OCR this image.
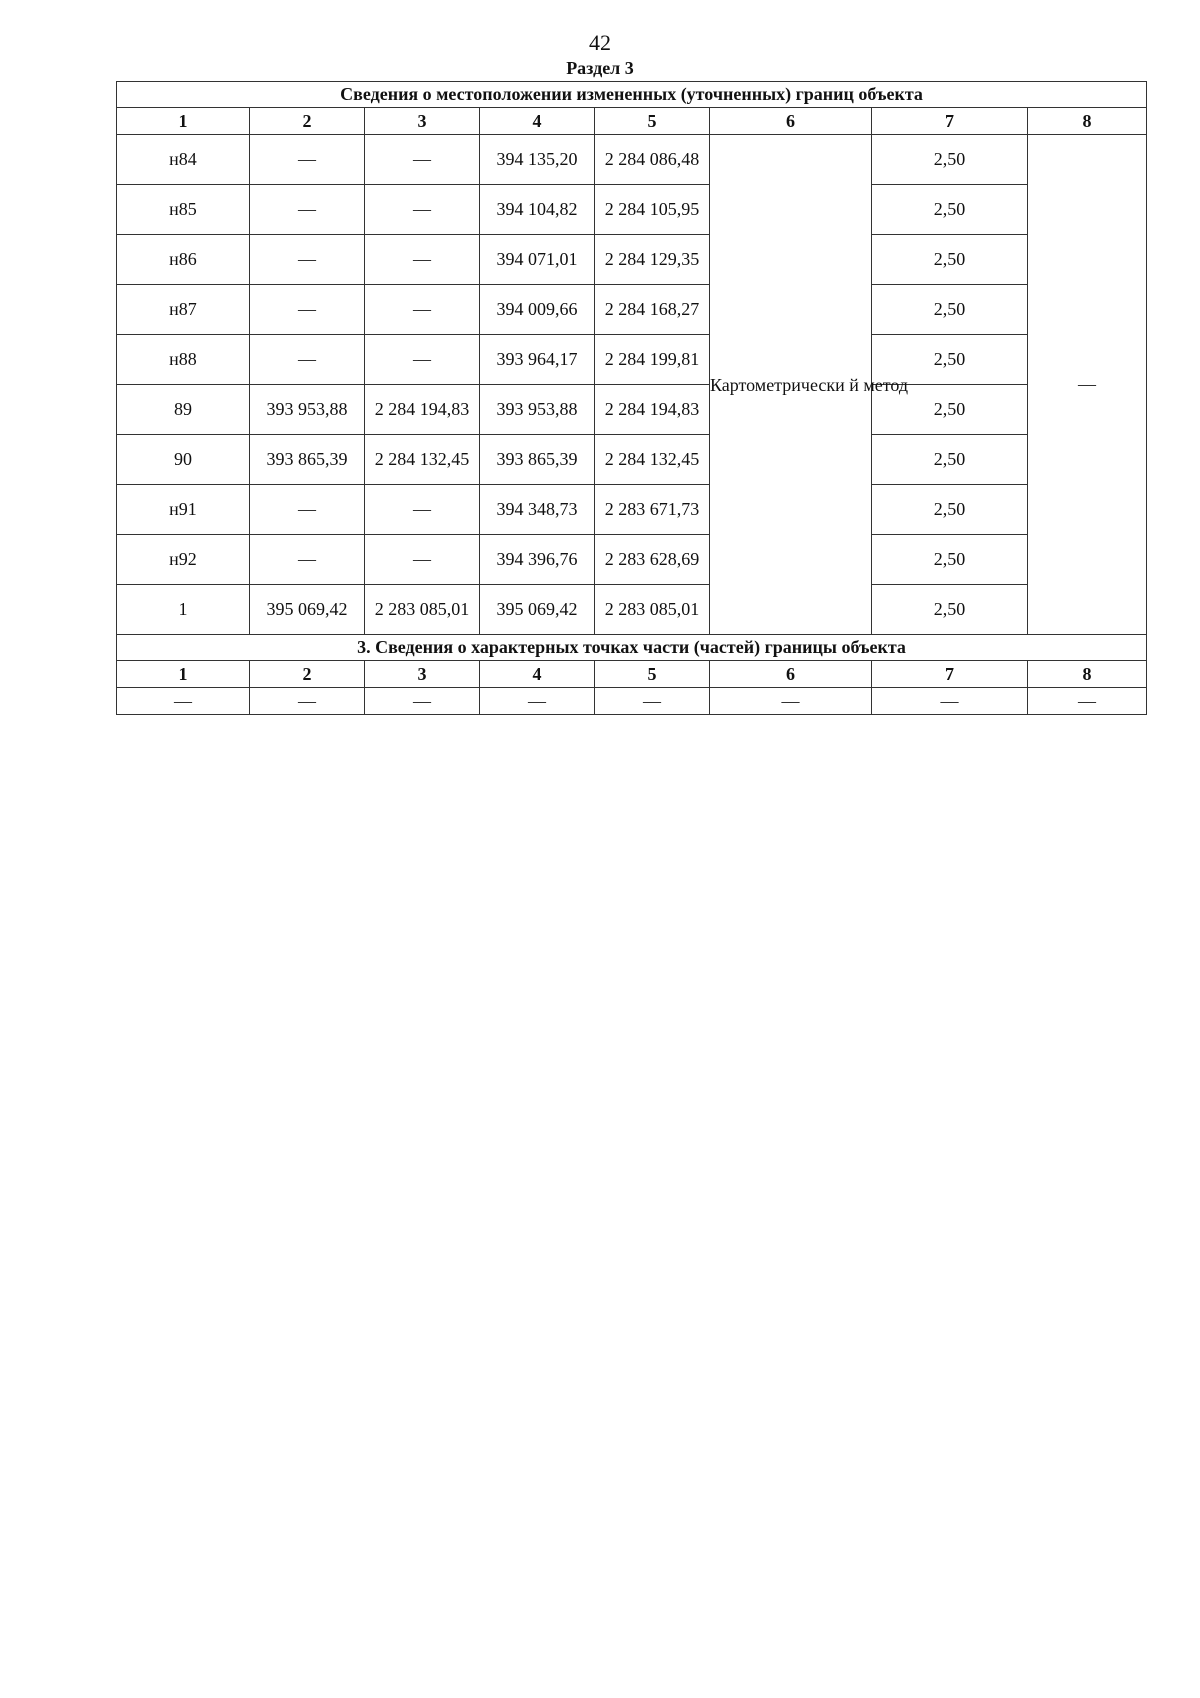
42
Раздел 3
Сведения о местоположении измененных (уточненных) границ объекта							
1	2	3	4	5	6	7	8
н84	—	—	394 135,20	2 284 086,48	Картометрически й метод	2,50	—
н85	—	—	394 104,82	2 284 105,95		2,50	
н86	—	—	394 071,01	2 284 129,35		2,50	
н87	—	—	394 009,66	2 284 168,27		2,50	
н88	—	—	393 964,17	2 284 199,81		2,50	
89	393 953,88	2 284 194,83	393 953,88	2 284 194,83		2,50	
90	393 865,39	2 284 132,45	393 865,39	2 284 132,45		2,50	
н91	—	—	394 348,73	2 283 671,73		2,50	
н92	—	—	394 396,76	2 283 628,69		2,50	
1	395 069,42	2 283 085,01	395 069,42	2 283 085,01		2,50	
3. Сведения о характерных точках части (частей) границы объекта							
1	2	3	4	5	6	7	8
—	—	—	—	—	—	—	—
